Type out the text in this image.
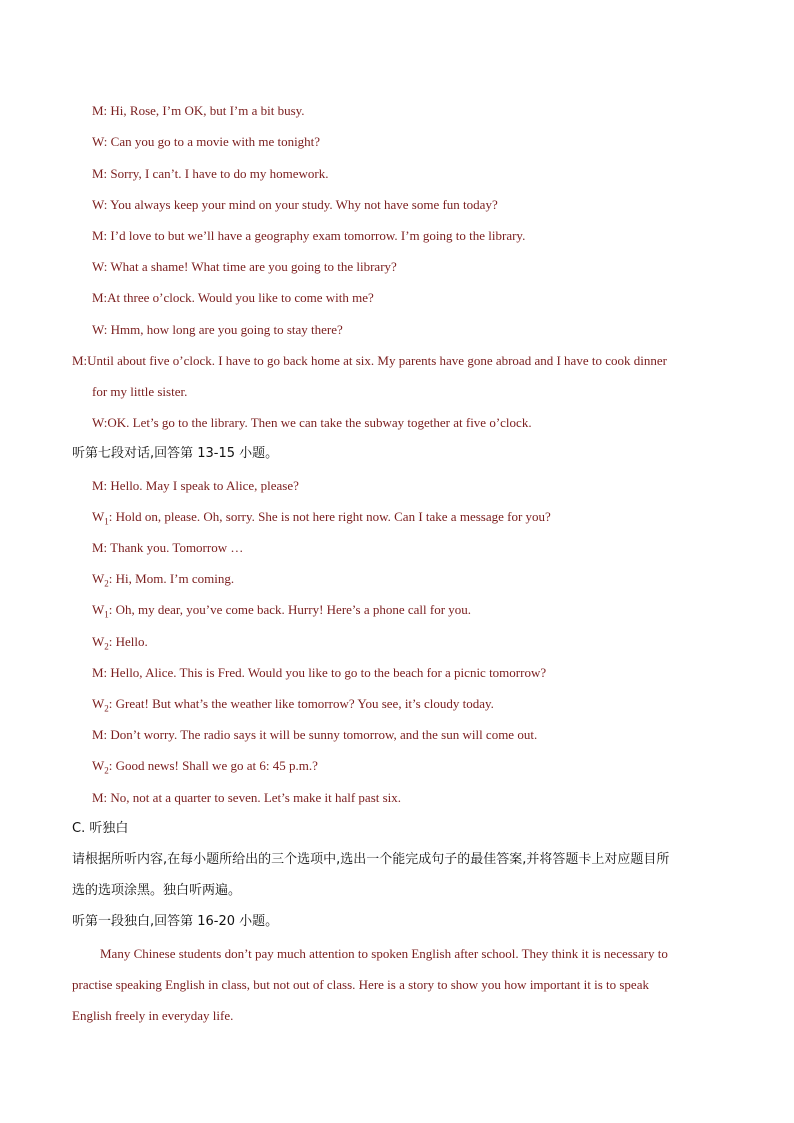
M: Hi, Rose, I’m OK, but I’m a bit busy.
W: Can you go to a movie with me tonight?
M: Sorry, I can’t. I have to do my homework.
W: You always keep your mind on your study. Why not have some fun today?
M: I’d love to but we’ll have a geography exam tomorrow. I’m going to the library.
W: What a shame! What time are you going to the library?
M:At three o’clock. Would you like to come with me?
W: Hmm, how long are you going to stay there?
M:Until about five o’clock. I have to go back home at six. My parents have gone abroad and I have to cook dinner
for my little sister.
W:OK. Let’s go to the library. Then we can take the subway together at five o’clock.
听第七段对话,回答第 13-15 小题。
M: Hello. May I speak to Alice, please?
$W_1$: Hold on, please. Oh, sorry. She is not here right now. Can I take a message for you?
M: Thank you. Tomorrow …
$W_2$: Hi, Mom. I’m coming.
$W_1$: Oh, my dear, you’ve come back. Hurry! Here’s a phone call for you.
$W_2$: Hello.
M: Hello, Alice. This is Fred. Would you like to go to the beach for a picnic tomorrow?
$W_2$: Great! But what’s the weather like tomorrow? You see, it’s cloudy today.
M: Don’t worry. The radio says it will be sunny tomorrow, and the sun will come out.
$W_2$: Good news! Shall we go at 6: 45 p.m.?
M: No, not at a quarter to seven. Let’s make it half past six.
C. 听独白
请根据所听内容,在每小题所给出的三个选项中,选出一个能完成句子的最佳答案,并将答题卡上对应题目所
选的选项涂黑。独白听两遍。
听第一段独白,回答第 16-20 小题。
Many Chinese students don’t pay much attention to spoken English after school. They think it is necessary to
practise speaking English in class, but not out of class. Here is a story to show you how important it is to speak
English freely in everyday life.
